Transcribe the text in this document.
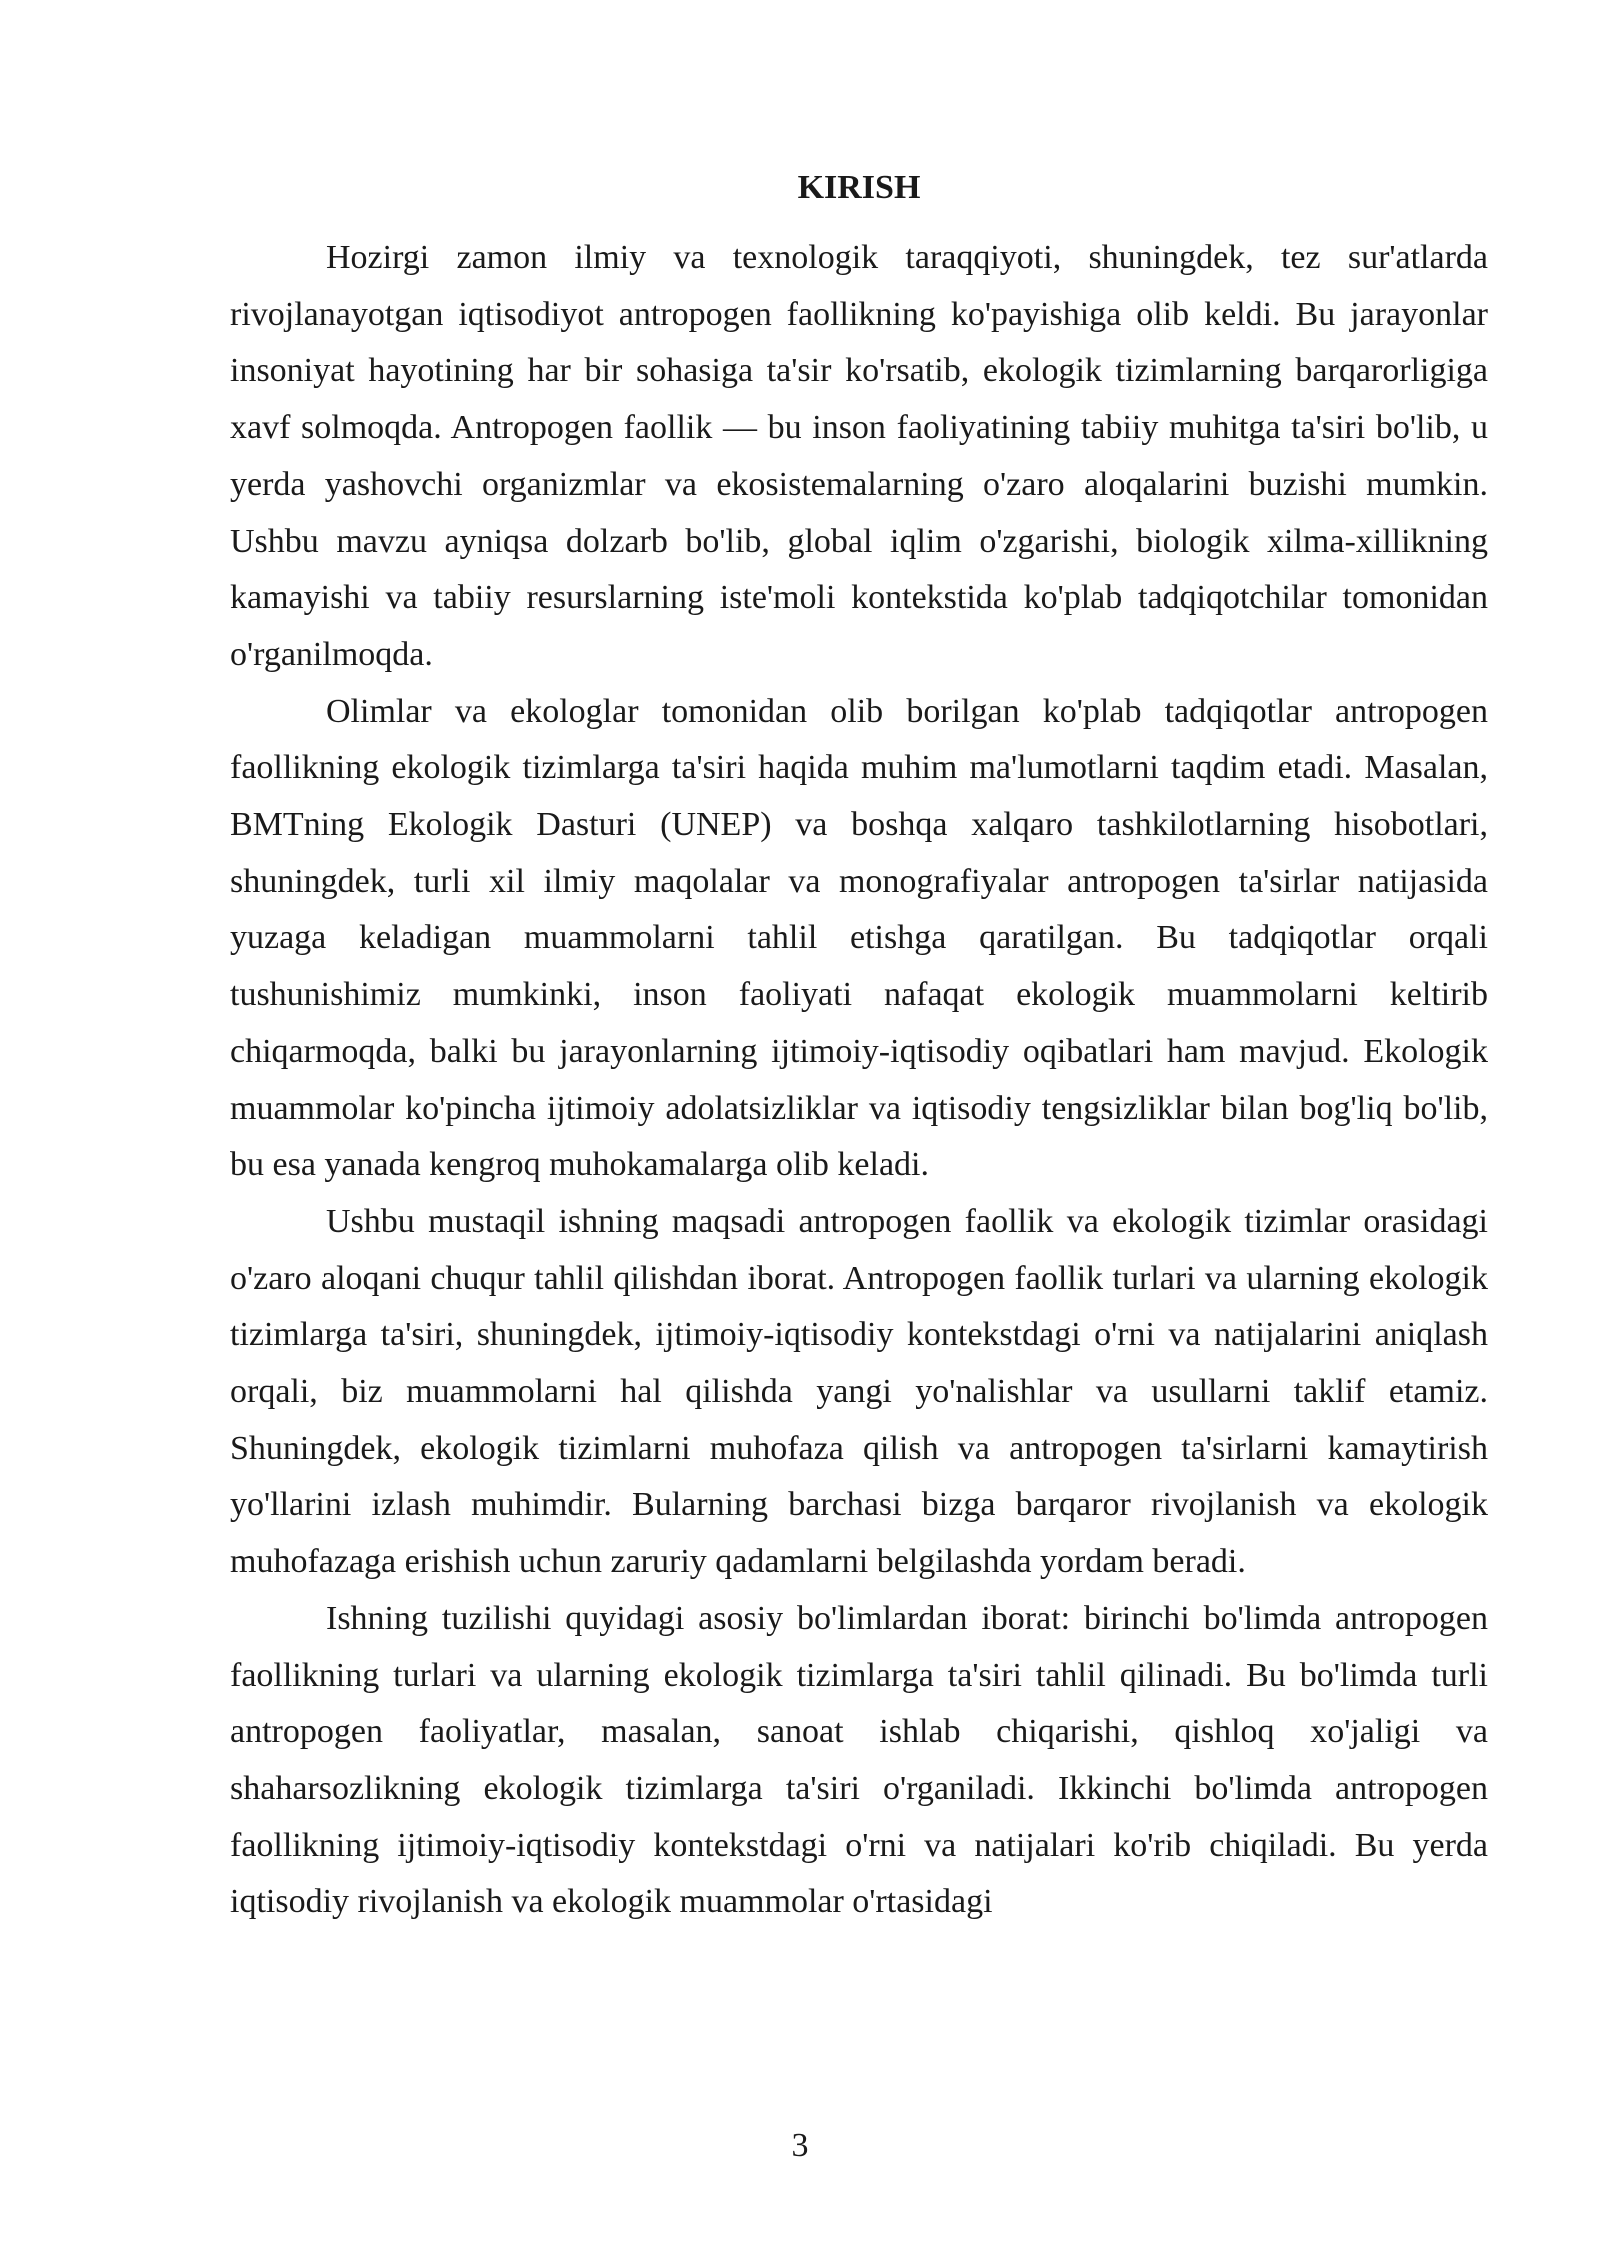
KIRISH

Hozirgi zamon ilmiy va texnologik taraqqiyoti, shuningdek, tez sur'atlarda rivojlanayotgan iqtisodiyot antropogen faollikning ko'payishiga olib keldi. Bu jarayonlar insoniyat hayotining har bir sohasiga ta'sir ko'rsatib, ekologik tizimlarning barqarorligiga xavf solmoqda. Antropogen faollik — bu inson faoliyatining tabiiy muhitga ta'siri bo'lib, u yerda yashovchi organizmlar va ekosistemalarning o'zaro aloqalarini buzishi mumkin. Ushbu mavzu ayniqsa dolzarb bo'lib, global iqlim o'zgarishi, biologik xilma-xillikning kamayishi va tabiiy resurslarning iste'moli kontekstida ko'plab tadqiqotchilar tomonidan o'rganilmoqda.

Olimlar va ekologlar tomonidan olib borilgan ko'plab tadqiqotlar antropogen faollikning ekologik tizimlarga ta'siri haqida muhim ma'lumotlarni taqdim etadi. Masalan, BMTning Ekologik Dasturi (UNEP) va boshqa xalqaro tashkilotlarning hisobotlari, shuningdek, turli xil ilmiy maqolalar va monografiyalar antropogen ta'sirlar natijasida yuzaga keladigan muammolarni tahlil etishga qaratilgan. Bu tadqiqotlar orqali tushunishimiz mumkinki, inson faoliyati nafaqat ekologik muammolarni keltirib chiqarmoqda, balki bu jarayonlarning ijtimoiy-iqtisodiy oqibatlari ham mavjud. Ekologik muammolar ko'pincha ijtimoiy adolatsizliklar va iqtisodiy tengsizliklar bilan bog'liq bo'lib, bu esa yanada kengroq muhokamalarga olib keladi.

Ushbu mustaqil ishning maqsadi antropogen faollik va ekologik tizimlar orasidagi o'zaro aloqani chuqur tahlil qilishdan iborat. Antropogen faollik turlari va ularning ekologik tizimlarga ta'siri, shuningdek, ijtimoiy-iqtisodiy kontekstdagi o'rni va natijalarini aniqlash orqali, biz muammolarni hal qilishda yangi yo'nalishlar va usullarni taklif etamiz. Shuningdek, ekologik tizimlarni muhofaza qilish va antropogen ta'sirlarni kamaytirish yo'llarini izlash muhimdir. Bularning barchasi bizga barqaror rivojlanish va ekologik muhofazaga erishish uchun zaruriy qadamlarni belgilashda yordam beradi.

Ishning tuzilishi quyidagi asosiy bo'limlardan iborat: birinchi bo'limda antropogen faollikning turlari va ularning ekologik tizimlarga ta'siri tahlil qilinadi. Bu bo'limda turli antropogen faoliyatlar, masalan, sanoat ishlab chiqarishi, qishloq xo'jaligi va shaharsozlikning ekologik tizimlarga ta'siri o'rganiladi. Ikkinchi bo'limda antropogen faollikning ijtimoiy-iqtisodiy kontekstdagi o'rni va natijalari ko'rib chiqiladi. Bu yerda iqtisodiy rivojlanish va ekologik muammolar o'rtasidagi

3
